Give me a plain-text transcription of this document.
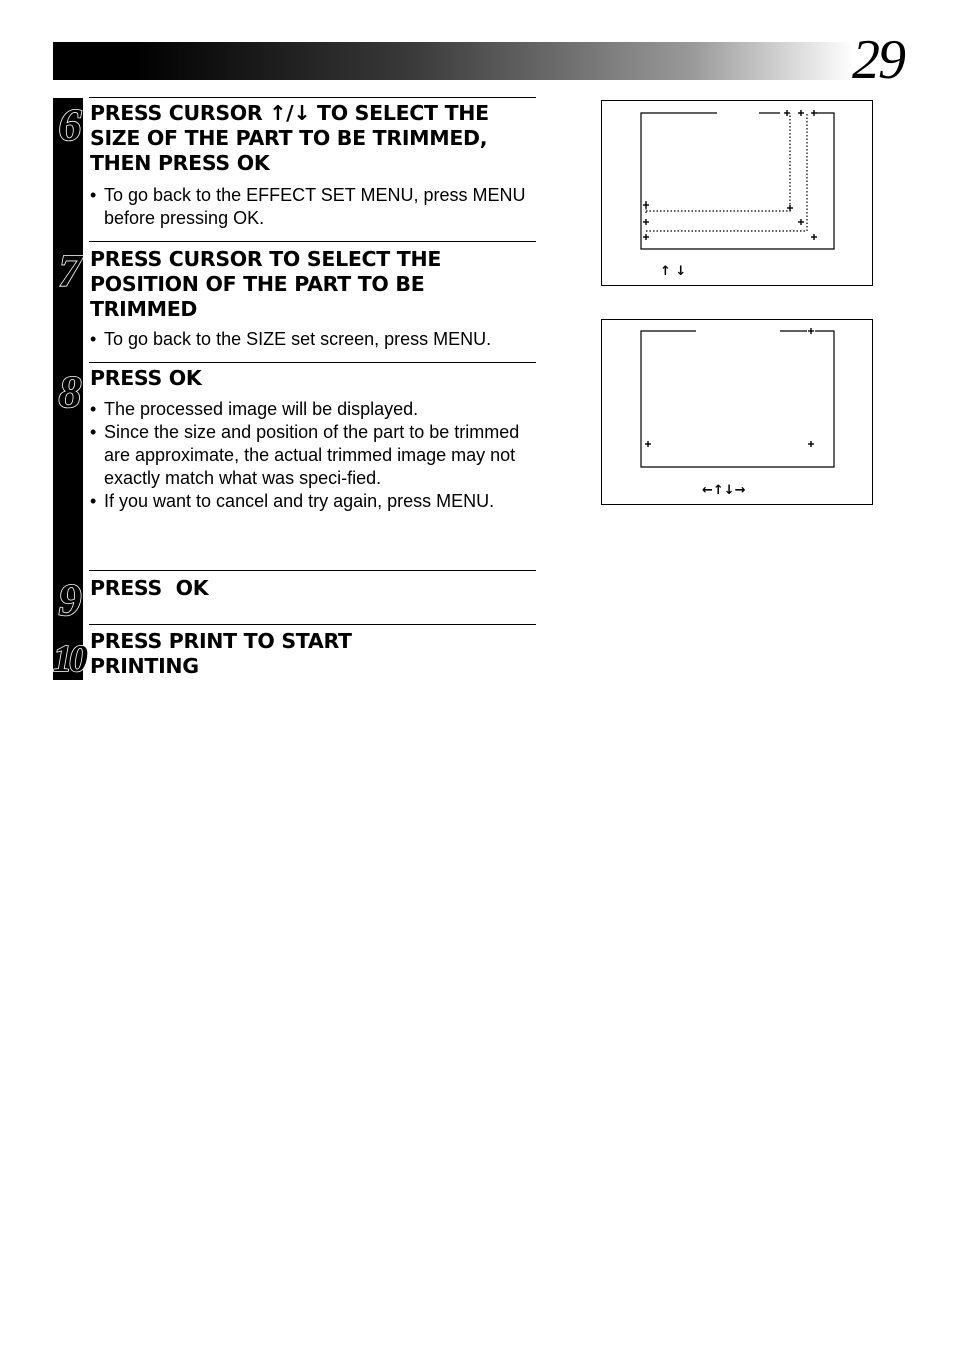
29
6 PRESS CURSOR ↑/↓ TO SELECT THE
SIZE OF THE PART TO BE TRIMMED,
THEN PRESS OK
• To go back to the EFFECT SET MENU, press MENU before pressing OK.
7 PRESS CURSOR TO SELECT THE
POSITION OF THE PART TO BE
TRIMMED
• To go back to the SIZE set screen, press MENU.
8 PRESS OK
• The processed image will be displayed.
• Since the size and position of the part to be trimmed are approximate, the actual trimmed image may not exactly match what was speci-fied.
• If you want to cancel and try again, press MENU.
9 PRESS  OK
10 PRESS PRINT TO START
PRINTING
↑ ↓
←↑↓→
